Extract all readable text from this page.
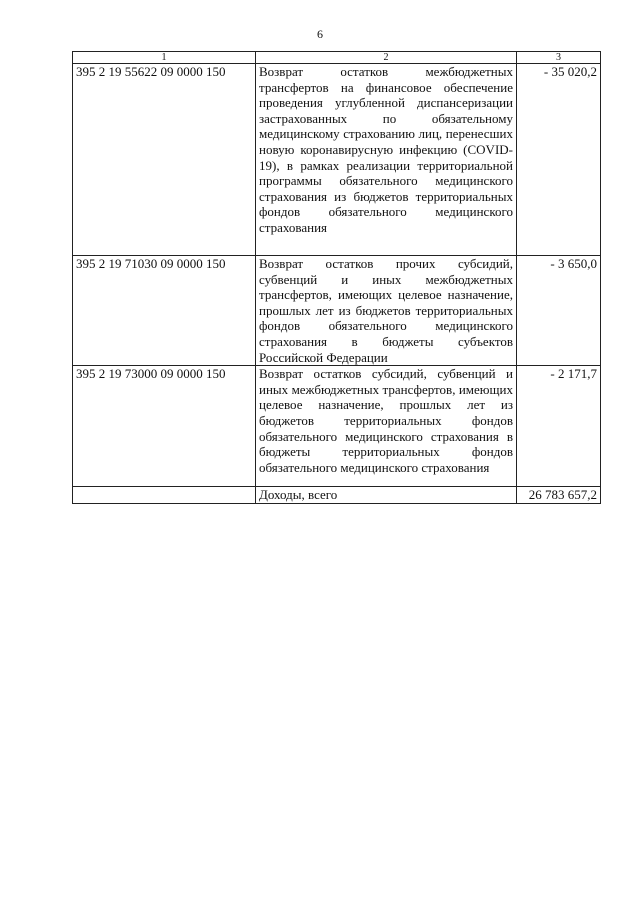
6
1	2	3
395 2 19 55622 09 0000 150	Возврат остатков межбюджетных трансфертов на финансовое обеспечение проведения углубленной диспансеризации застрахованных по обязательному медицинскому страхованию лиц, перенесших новую коронавирусную инфекцию (COVID-19), в рамках реализации территориальной программы обязательного медицинского страхования из бюджетов территориальных фондов обязательного медицинского страхования	- 35 020,2
395 2 19 71030 09 0000 150	Возврат остатков прочих субсидий, субвенций и иных межбюджетных трансфертов, имеющих целевое назначение, прошлых лет из бюджетов территориальных фондов обязательного медицинского страхования в бюджеты субъектов Российской Федерации	- 3 650,0
395 2 19 73000 09 0000 150	Возврат остатков субсидий, субвенций и иных межбюджетных трансфертов, имеющих целевое назначение, прошлых лет из бюджетов территориальных фондов обязательного медицинского страхования в бюджеты территориальных фондов обязательного медицинского страхования	- 2 171,7
	Доходы, всего	26 783 657,2
